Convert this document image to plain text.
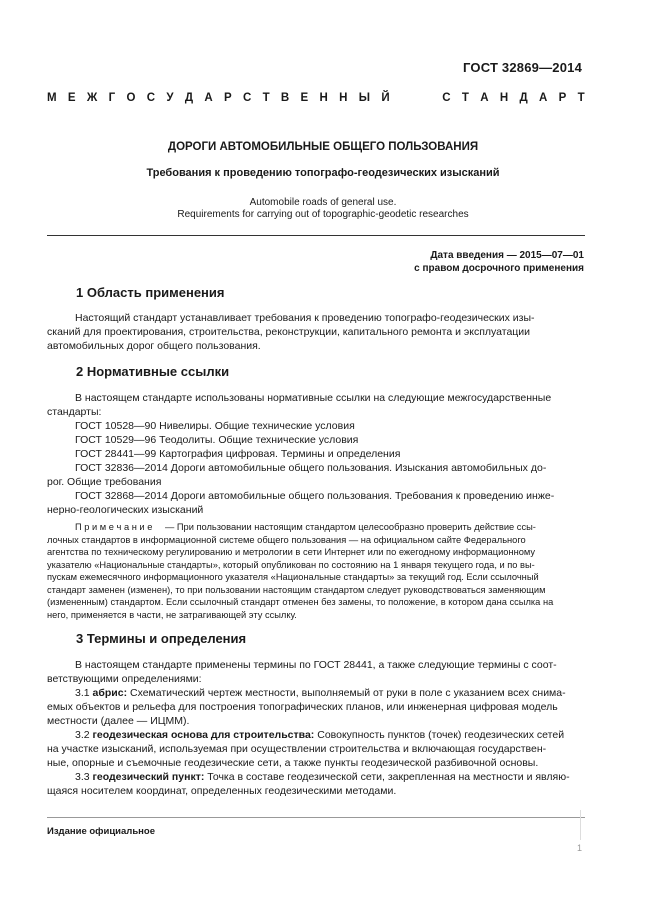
ГОСТ 32869—2014
М Е Ж Г О С У Д А Р С Т В Е Н Н Ы Й	С Т А Н Д А Р Т
ДОРОГИ АВТОМОБИЛЬНЫЕ ОБЩЕГО ПОЛЬЗОВАНИЯ
Требования к проведению топографо-геодезических изысканий
Automobile roads of general use.
Requirements for carrying out of topographic-geodetic researches
Дата введения — 2015—07—01
с правом досрочного применения
1 Область применения
Настоящий стандарт устанавливает требования к проведению топографо-геодезических изы-
сканий для проектирования, строительства, реконструкции, капитального ремонта и эксплуатации
автомобильных дорог общего пользования.
2 Нормативные ссылки
В настоящем стандарте использованы нормативные ссылки на следующие межгосударственные
стандарты:
ГОСТ 10528—90 Нивелиры. Общие технические условия
ГОСТ 10529—96 Теодолиты. Общие технические условия
ГОСТ 28441—99 Картография цифровая. Термины и определения
ГОСТ 32836—2014 Дороги автомобильные общего пользования. Изыскания автомобильных до-
рог. Общие требования
ГОСТ 32868—2014 Дороги автомобильные общего пользования. Требования к проведению инже-
нерно-геологических изысканий
П р и м е ч а н и е — При пользовании настоящим стандартом целесообразно проверить действие ссы-
лочных стандартов в информационной системе общего пользования — на официальном сайте Федерального
агентства по техническому регулированию и метрологии в сети Интернет или по ежегодному информационному
указателю «Национальные стандарты», который опубликован по состоянию на 1 января текущего года, и по вы-
пускам ежемесячного информационного указателя «Национальные стандарты» за текущий год. Если ссылочный
стандарт заменен (изменен), то при пользовании настоящим стандартом следует руководствоваться заменяющим
(измененным) стандартом. Если ссылочный стандарт отменен без замены, то положение, в котором дана ссылка на
него, применяется в части, не затрагивающей эту ссылку.
3 Термины и определения
В настоящем стандарте применены термины по ГОСТ 28441, а также следующие термины с соот-
ветствующими определениями:
3.1 абрис: Схематический чертеж местности, выполняемый от руки в поле с указанием всех снима-
емых объектов и рельефа для построения топографических планов, или инженерная цифровая модель
местности (далее — ИЦММ).
3.2 геодезическая основа для строительства: Совокупность пунктов (точек) геодезических сетей
на участке изысканий, используемая при осуществлении строительства и включающая государствен-
ные, опорные и съемочные геодезические сети, а также пункты геодезической разбивочной основы.
3.3 геодезический пункт: Точка в составе геодезической сети, закрепленная на местности и являю-
щаяся носителем координат, определенных геодезическими методами.
Издание официальное
1
